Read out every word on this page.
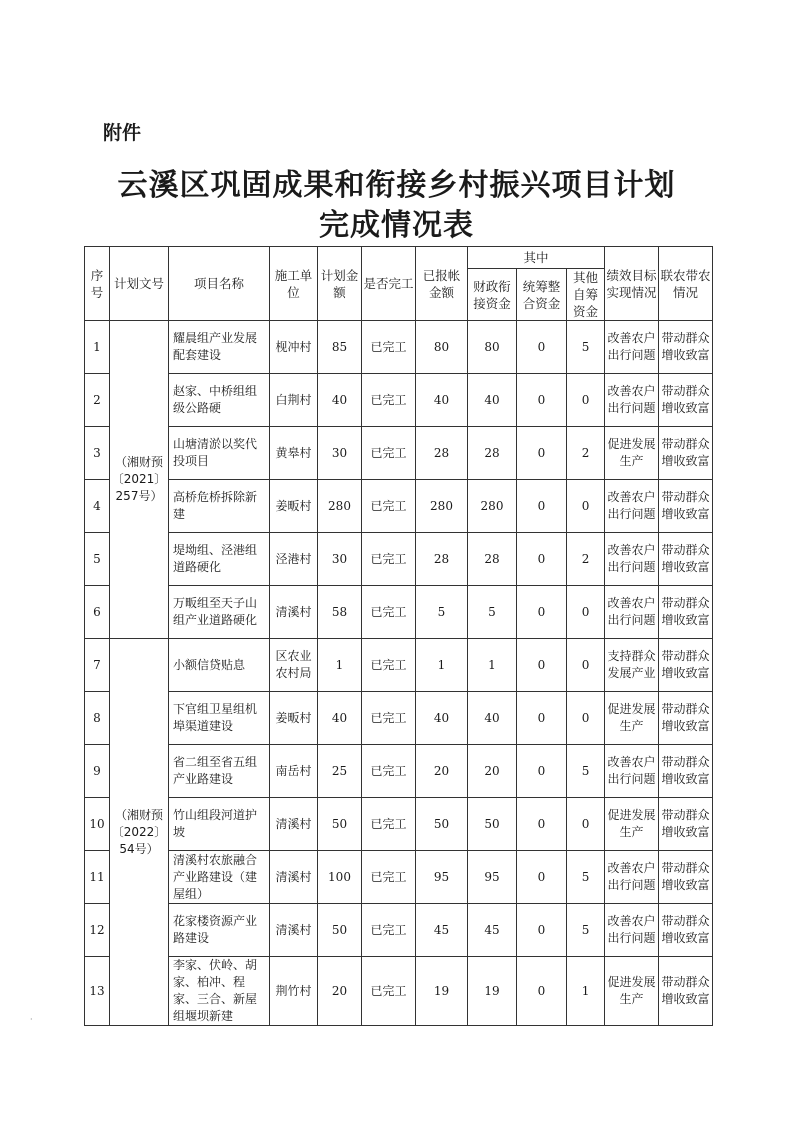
附件
云溪区巩固成果和衔接乡村振兴项目计划
完成情况表
序号	计划文号	项目名称	施工单位	计划金额	是否完工	已报帐金额	其中			绩效目标实现情况	联农带农情况
							财政衔接资金	统筹整合资金	其他自筹资金		
1	（湘财预〔2021〕257号）	耀晨组产业发展配套建设	枧冲村	85	已完工	80	80	0	5	改善农户出行问题	带动群众增收致富
2		赵家、中桥组组级公路硬	白荆村	40	已完工	40	40	0	0	改善农户出行问题	带动群众增收致富
3		山塘清淤以奖代投项目	黄皋村	30	已完工	28	28	0	2	促进发展生产	带动群众增收致富
4		高桥危桥拆除新建	姜畈村	280	已完工	280	280	0	0	改善农户出行问题	带动群众增收致富
5		堤坳组、泾港组道路硬化	泾港村	30	已完工	28	28	0	2	改善农户出行问题	带动群众增收致富
6		万畈组至天子山组产业道路硬化	清溪村	58	已完工	5	5	0	0	改善农户出行问题	带动群众增收致富
7	（湘财预〔2022〕54号）	小额信贷贴息	区农业农村局	1	已完工	1	1	0	0	支持群众发展产业	带动群众增收致富
8		下官组卫星组机埠渠道建设	姜畈村	40	已完工	40	40	0	0	促进发展生产	带动群众增收致富
9		省二组至省五组产业路建设	南岳村	25	已完工	20	20	0	5	改善农户出行问题	带动群众增收致富
10		竹山组段河道护坡	清溪村	50	已完工	50	50	0	0	促进发展生产	带动群众增收致富
11		清溪村农旅融合产业路建设（建屋组）	清溪村	100	已完工	95	95	0	5	改善农户出行问题	带动群众增收致富
12		花家楼资源产业路建设	清溪村	50	已完工	45	45	0	5	改善农户出行问题	带动群众增收致富
13		李家、伏岭、胡家、柏冲、程家、三合、新屋组堰坝新建	荆竹村	20	已完工	19	19	0	1	促进发展生产	带动群众增收致富
·
